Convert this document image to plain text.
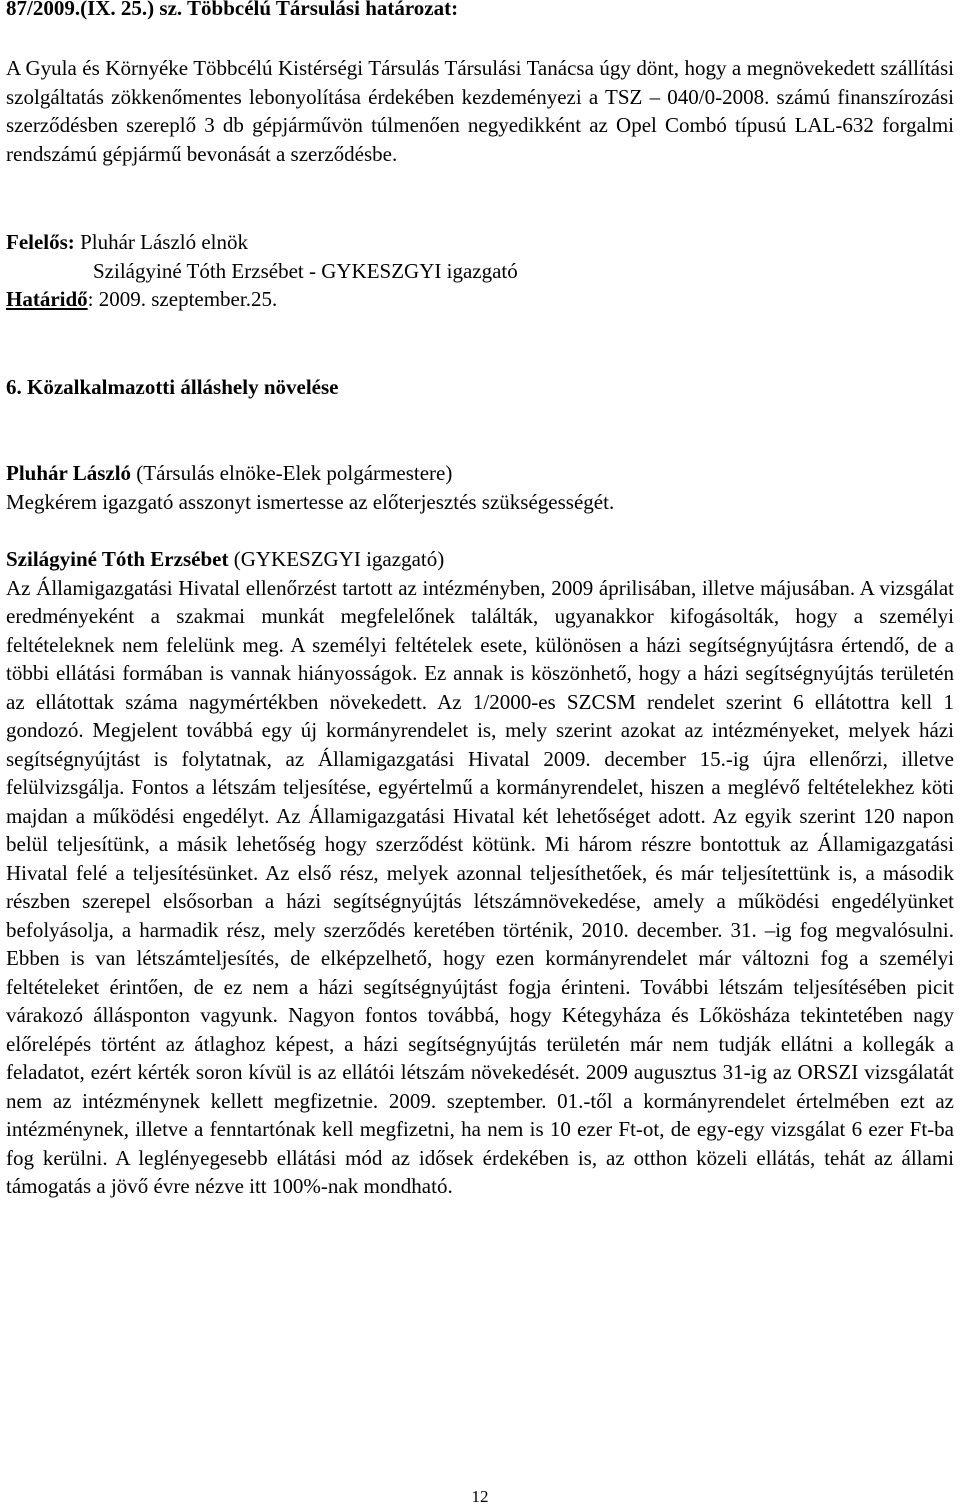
87/2009.(IX. 25.) sz. Többcélú Társulási határozat:

A Gyula és Környéke Többcélú Kistérségi Társulás Társulási Tanácsa úgy dönt, hogy a megnövekedett szállítási szolgáltatás zökkenőmentes lebonyolítása érdekében kezdeményezi a TSZ – 040/0-2008. számú finanszírozási szerződésben szereplő 3 db gépjárművön túlmenően negyedikként az Opel Combó típusú LAL-632 forgalmi rendszámú gépjármű bevonását a szerződésbe.

Felelős: Pluhár László elnök

Szilágyiné Tóth Erzsébet - GYKESZGYI igazgató

Határidő: 2009. szeptember.25.

6. Közalkalmazotti álláshely növelése

Pluhár László (Társulás elnöke-Elek polgármestere)

Megkérem igazgató asszonyt ismertesse az előterjesztés szükségességét.

Szilágyiné Tóth Erzsébet (GYKESZGYI igazgató)

Az Államigazgatási Hivatal ellenőrzést tartott az intézményben, 2009 áprilisában, illetve májusában. A vizsgálat eredményeként a szakmai munkát megfelelőnek találták, ugyanakkor kifogásolták, hogy a személyi feltételeknek nem felelünk meg. A személyi feltételek esete, különösen a házi segítségnyújtásra értendő, de a többi ellátási formában is vannak hiányosságok. Ez annak is köszönhető, hogy a házi segítségnyújtás területén az ellátottak száma nagymértékben növekedett. Az 1/2000-es SZCSM rendelet szerint 6 ellátottra kell 1 gondozó. Megjelent továbbá egy új kormányrendelet is, mely szerint azokat az intézményeket, melyek házi segítségnyújtást is folytatnak, az Államigazgatási Hivatal 2009. december 15.-ig újra ellenőrzi, illetve felülvizsgálja. Fontos a létszám teljesítése, egyértelmű a kormányrendelet, hiszen a meglévő feltételekhez köti majdan a működési engedélyt. Az Államigazgatási Hivatal két lehetőséget adott. Az egyik szerint 120 napon belül teljesítünk, a másik lehetőség hogy szerződést kötünk. Mi három részre bontottuk az Államigazgatási Hivatal felé a teljesítésünket. Az első rész, melyek azonnal teljesíthetőek, és már teljesítettünk is, a második részben szerepel elsősorban a házi segítségnyújtás létszámnövekedése, amely a működési engedélyünket befolyásolja, a harmadik rész, mely szerződés keretében történik, 2010. december. 31. –ig fog megvalósulni. Ebben is van létszámteljesítés, de elképzelhető, hogy ezen kormányrendelet már változni fog a személyi feltételeket érintően, de ez nem a házi segítségnyújtást fogja érinteni. További létszám teljesítésében picit várakozó állásponton vagyunk. Nagyon fontos továbbá, hogy Kétegyháza és Lőkösháza tekintetében nagy előrelépés történt az átlaghoz képest, a házi segítségnyújtás területén már nem tudják ellátni a kollegák a feladatot, ezért kérték soron kívül is az ellátói létszám növekedését. 2009 augusztus 31-ig az ORSZI vizsgálatát nem az intézménynek kellett megfizetnie. 2009. szeptember. 01.-től a kormányrendelet értelmében ezt az intézménynek, illetve a fenntartónak kell megfizetni, ha nem is 10 ezer Ft-ot, de egy-egy vizsgálat 6 ezer Ft-ba fog kerülni. A leglényegesebb ellátási mód az idősek érdekében is, az otthon közeli ellátás, tehát az állami támogatás a jövő évre nézve itt 100%-nak mondható.

12
